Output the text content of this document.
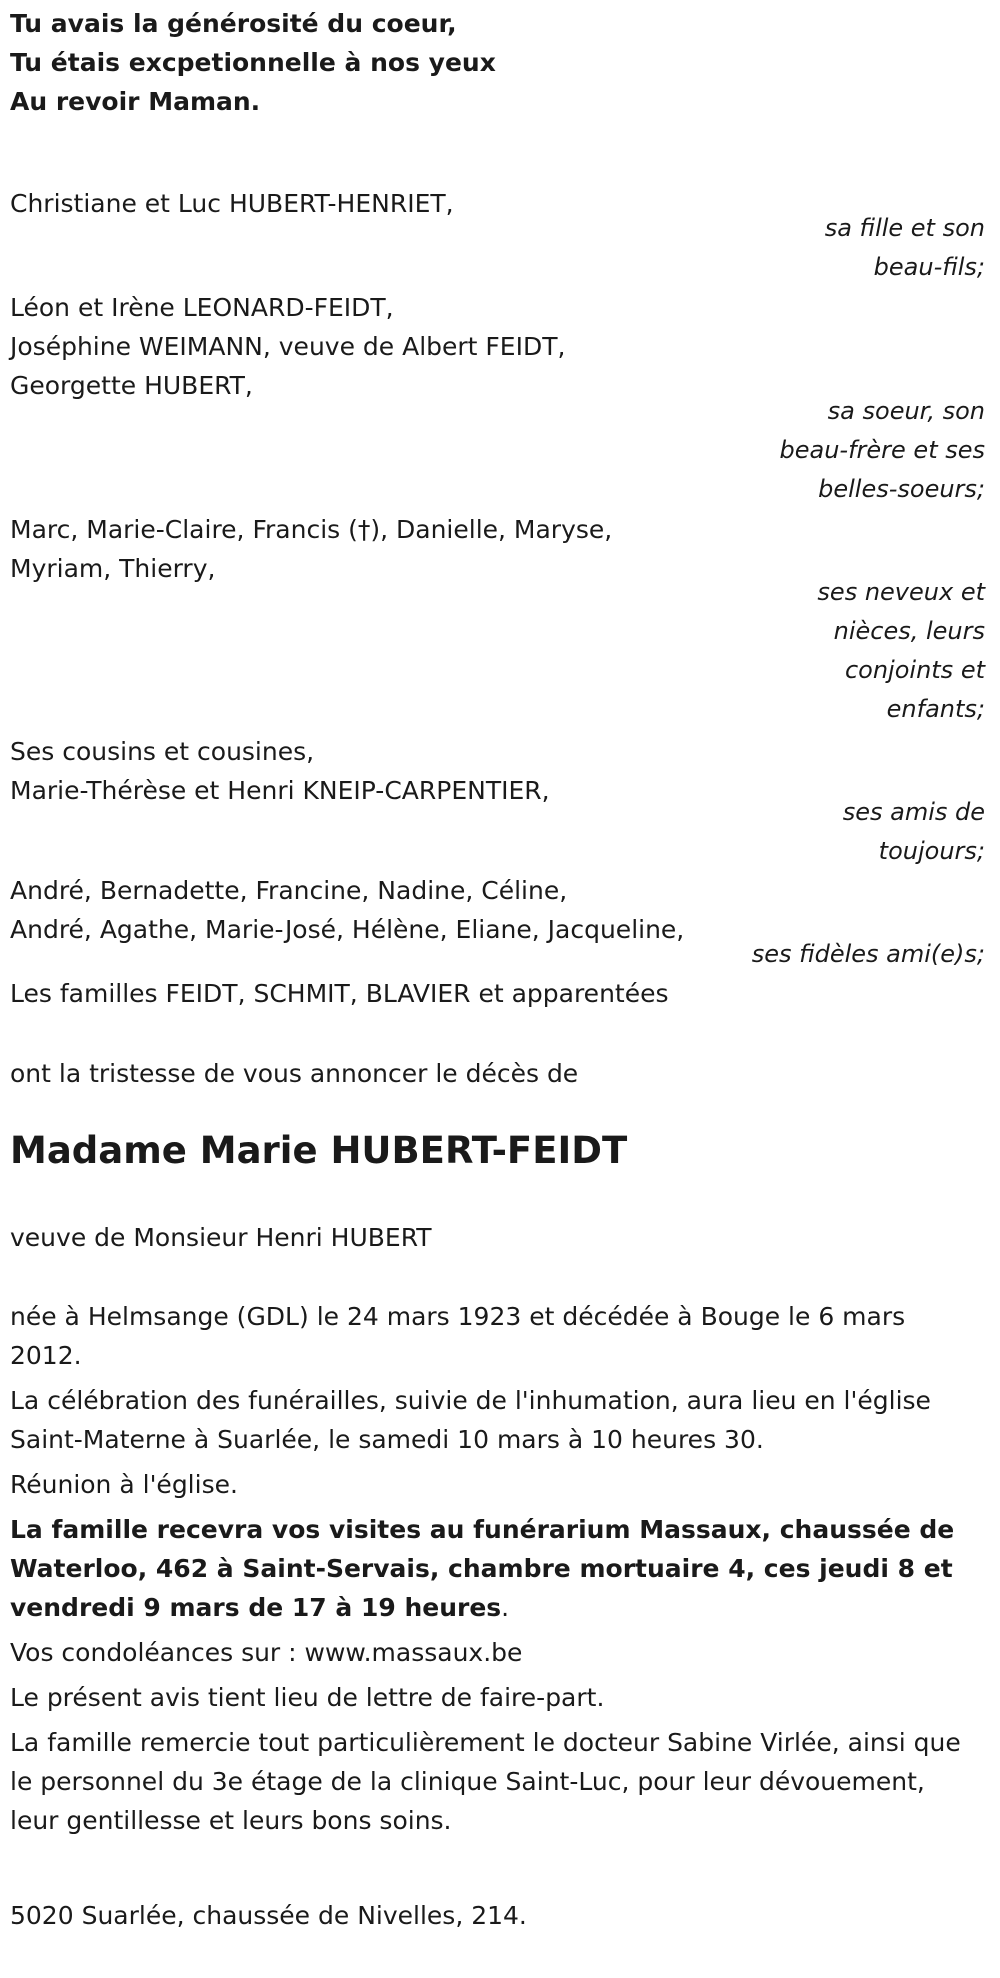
Tu avais la générosité du coeur,

Tu étais excpetionnelle à nos yeux

Au revoir Maman.

Christiane et Luc HUBERT-HENRIET,

sa fille et son

beau-fils;

Léon et Irène LEONARD-FEIDT,

Joséphine WEIMANN, veuve de Albert FEIDT,

Georgette HUBERT,

sa soeur, son

beau-frère et ses

belles-soeurs;

Marc, Marie-Claire, Francis (†), Danielle, Maryse,

Myriam, Thierry,

ses neveux et

nièces, leurs

conjoints et

enfants;

Ses cousins et cousines,

Marie-Thérèse et Henri KNEIP-CARPENTIER,

ses amis de

toujours;

André, Bernadette, Francine, Nadine, Céline,

André, Agathe, Marie-José, Hélène, Eliane, Jacqueline,

ses fidèles ami(e)s;

Les familles FEIDT, SCHMIT, BLAVIER et apparentées

ont la tristesse de vous annoncer le décès de

Madame Marie HUBERT-FEIDT

veuve de Monsieur Henri HUBERT

née à Helmsange (GDL) le 24 mars 1923 et décédée à Bouge le 6 mars 2012.

La célébration des funérailles, suivie de l'inhumation, aura lieu en l'église Saint-Materne à Suarlée, le samedi 10 mars à 10 heures 30.

Réunion à l'église.

La famille recevra vos visites au funérarium Massaux, chaussée de Waterloo, 462 à Saint-Servais, chambre mortuaire 4, ces jeudi 8 et vendredi 9 mars de 17 à 19 heures.

Vos condoléances sur : www.massaux.be

Le présent avis tient lieu de lettre de faire-part.

La famille remercie tout particulièrement le docteur Sabine Virlée, ainsi que le personnel du 3e étage de la clinique Saint-Luc, pour leur dévouement, leur gentillesse et leurs bons soins.

5020 Suarlée, chaussée de Nivelles, 214.
